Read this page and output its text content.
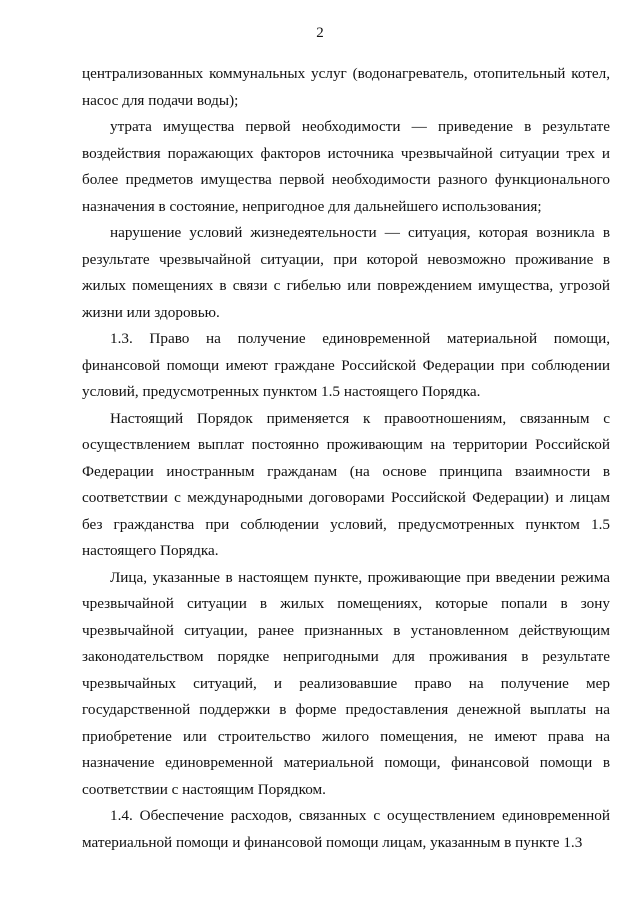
2

централизованных коммунальных услуг (водонагреватель, отопительный котел, насос для подачи воды);

утрата имущества первой необходимости — приведение в результате воздействия поражающих факторов источника чрезвычайной ситуации трех и более предметов имущества первой необходимости разного функционального назначения в состояние, непригодное для дальнейшего использования;

нарушение условий жизнедеятельности — ситуация, которая возникла в результате чрезвычайной ситуации, при которой невозможно проживание в жилых помещениях в связи с гибелью или повреждением имущества, угрозой жизни или здоровью.

1.3. Право на получение единовременной материальной помощи, финансовой помощи имеют граждане Российской Федерации при соблюдении условий, предусмотренных пунктом 1.5 настоящего Порядка.

Настоящий Порядок применяется к правоотношениям, связанным с осуществлением выплат постоянно проживающим на территории Российской Федерации иностранным гражданам (на основе принципа взаимности в соответствии с международными договорами Российской Федерации) и лицам без гражданства при соблюдении условий, предусмотренных пунктом 1.5 настоящего Порядка.

Лица, указанные в настоящем пункте, проживающие при введении режима чрезвычайной ситуации в жилых помещениях, которые попали в зону чрезвычайной ситуации, ранее признанных в установленном действующим законодательством порядке непригодными для проживания в результате чрезвычайных ситуаций, и реализовавшие право на получение мер государственной поддержки в форме предоставления денежной выплаты на приобретение или строительство жилого помещения, не имеют права на назначение единовременной материальной помощи, финансовой помощи в соответствии с настоящим Порядком.

1.4. Обеспечение расходов, связанных с осуществлением единовременной материальной помощи и финансовой помощи лицам, указанным в пункте 1.3
